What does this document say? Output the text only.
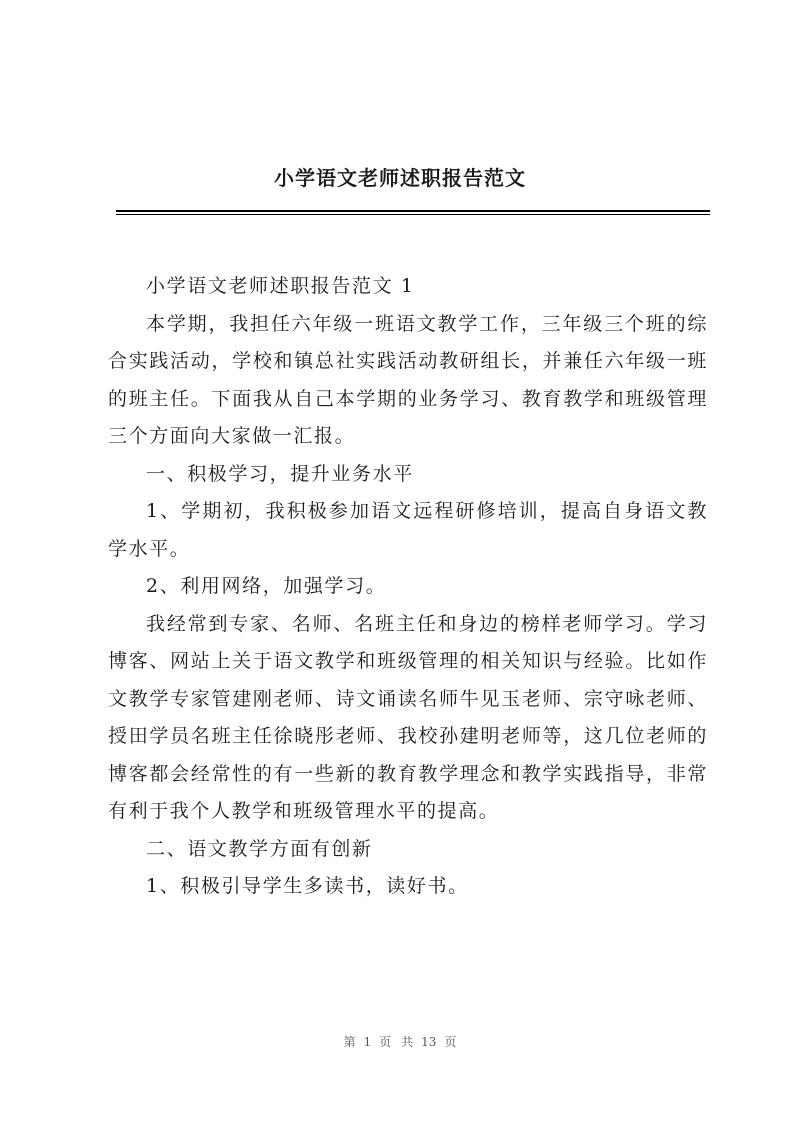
小学语文老师述职报告范文

小学语文老师述职报告范文 1

本学期，我担任六年级一班语文教学工作，三年级三个班的综合实践活动，学校和镇总社实践活动教研组长，并兼任六年级一班的班主任。下面我从自己本学期的业务学习、教育教学和班级管理三个方面向大家做一汇报。

一、积极学习，提升业务水平

1、学期初，我积极参加语文远程研修培训，提高自身语文教学水平。

2、利用网络，加强学习。

我经常到专家、名师、名班主任和身边的榜样老师学习。学习博客、网站上关于语文教学和班级管理的相关知识与经验。比如作文教学专家管建刚老师、诗文诵读名师牛见玉老师、宗守咏老师、授田学员名班主任徐晓彤老师、我校孙建明老师等，这几位老师的博客都会经常性的有一些新的教育教学理念和教学实践指导，非常有利于我个人教学和班级管理水平的提高。

二、语文教学方面有创新

1、积极引导学生多读书，读好书。

第 1 页 共 13 页
